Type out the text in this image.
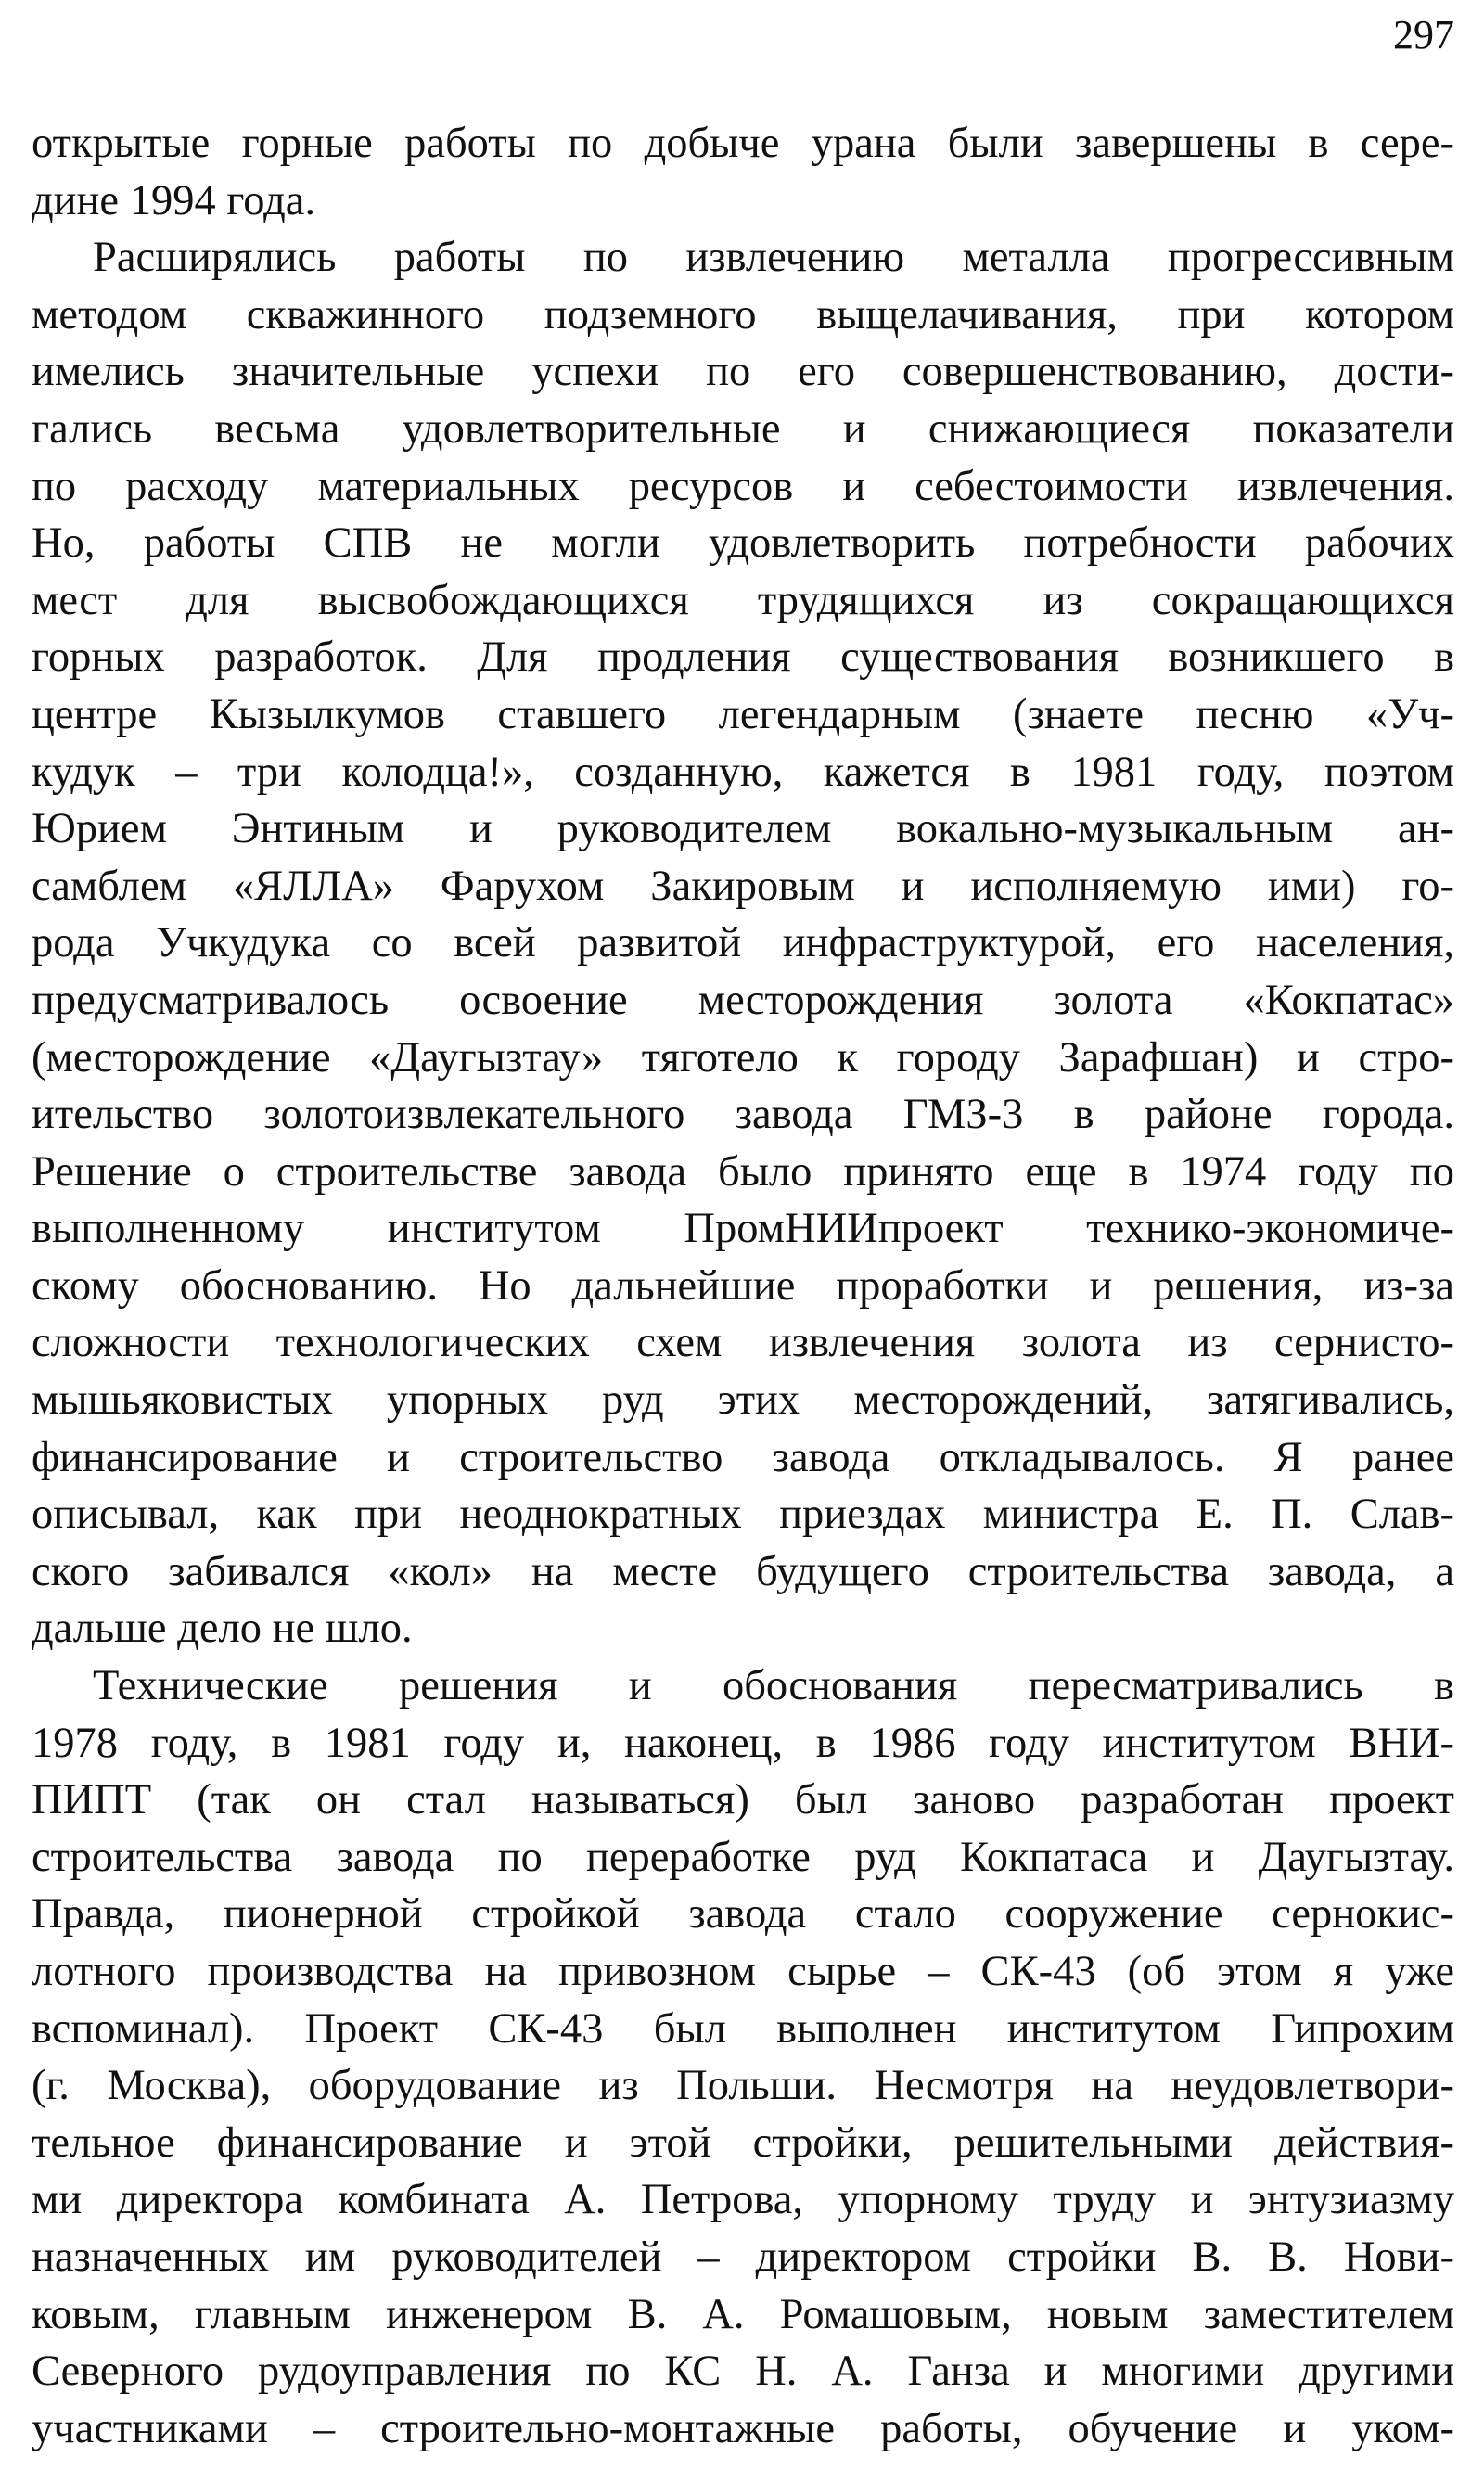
297
открытые горные работы по добыче урана были завершены в сере-
дине 1994 года.
Расширялись работы по извлечению металла прогрессивным
методом скважинного подземного выщелачивания, при котором
имелись значительные успехи по его совершенствованию, дости-
гались весьма удовлетворительные и снижающиеся показатели
по расходу материальных ресурсов и себестоимости извлечения.
Но, работы СПВ не могли удовлетворить потребности рабочих
мест для высвобождающихся трудящихся из сокращающихся
горных разработок. Для продления существования возникшего в
центре Кызылкумов ставшего легендарным (знаете песню «Уч-
кудук – три колодца!», созданную, кажется в 1981 году, поэтом
Юрием Энтиным и руководителем вокально-музыкальным ан-
самблем «ЯЛЛА» Фарухом Закировым и исполняемую ими) го-
рода Учкудука со всей развитой инфраструктурой, его населения,
предусматривалось освоение месторождения золота «Кокпатас»
(месторождение «Даугызтау» тяготело к городу Зарафшан) и стро-
ительство золотоизвлекательного завода ГМЗ-3 в районе города.
Решение о строительстве завода было принято еще в 1974 году по
выполненному институтом ПромНИИпроект технико-экономиче-
скому обоснованию. Но дальнейшие проработки и решения, из-за
сложности технологических схем извлечения золота из сернисто-
мышьяковистых упорных руд этих месторождений, затягивались,
финансирование и строительство завода откладывалось. Я ранее
описывал, как при неоднократных приездах министра Е. П. Слав-
ского забивался «кол» на месте будущего строительства завода, а
дальше дело не шло.
Технические решения и обоснования пересматривались в
1978 году, в 1981 году и, наконец, в 1986 году институтом ВНИ-
ПИПТ (так он стал называться) был заново разработан проект
строительства завода по переработке руд Кокпатаса и Даугызтау.
Правда, пионерной стройкой завода стало сооружение сернокис-
лотного производства на привозном сырье – СК-43 (об этом я уже
вспоминал). Проект СК-43 был выполнен институтом Гипрохим
(г. Москва), оборудование из Польши. Несмотря на неудовлетвори-
тельное финансирование и этой стройки, решительными действия-
ми директора комбината А. Петрова, упорному труду и энтузиазму
назначенных им руководителей – директором стройки В. В. Нови-
ковым, главным инженером В. А. Ромашовым, новым заместителем
Северного рудоуправления по КС Н. А. Ганза и многими другими
участниками – строительно-монтажные работы, обучение и уком-
